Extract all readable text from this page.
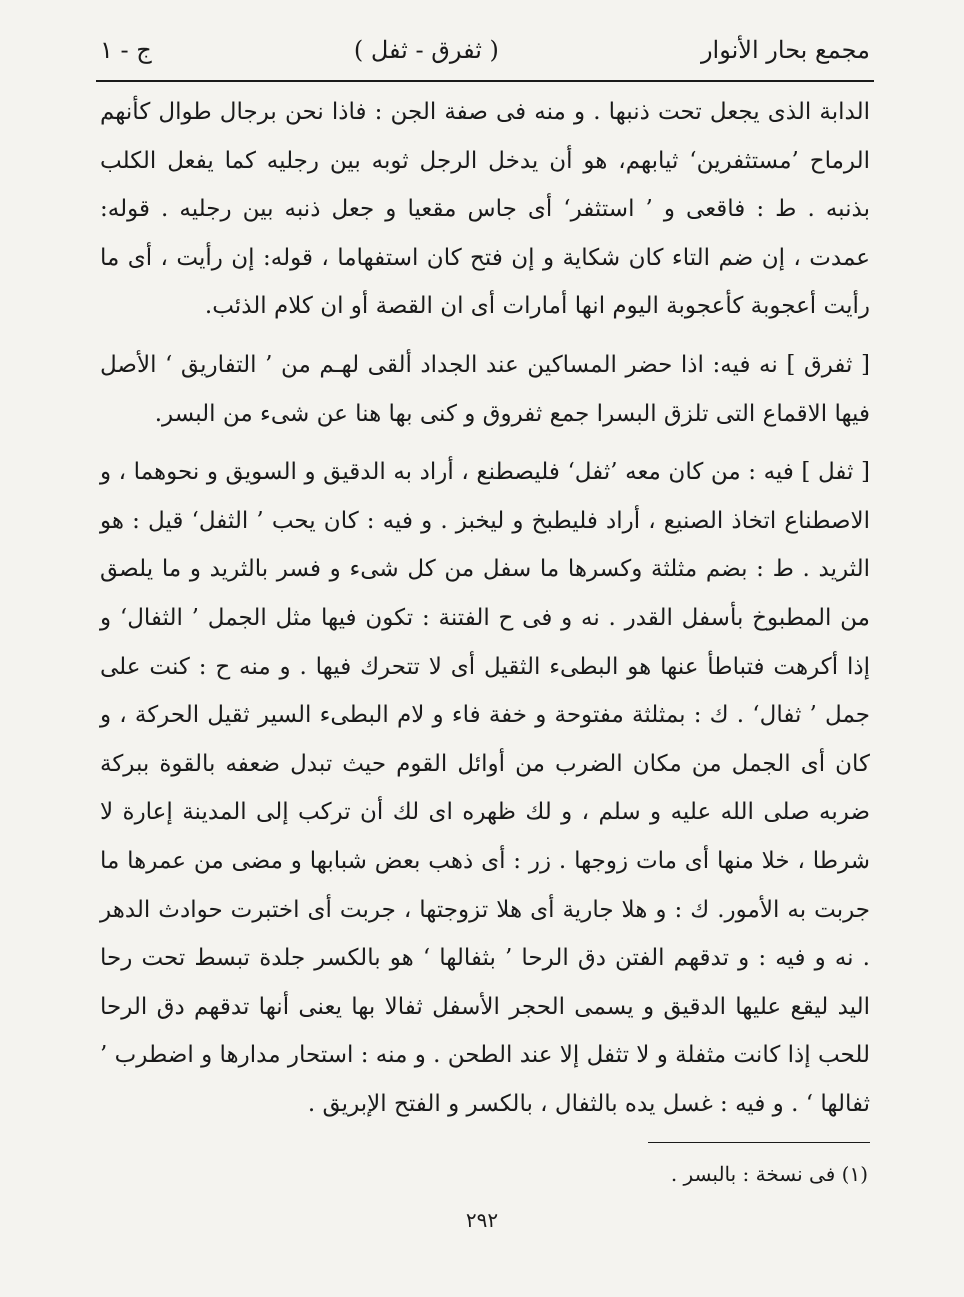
مجمع بحار الأنوار
( ثفرق - ثفل )
ج - ١

الدابة الذى يجعل تحت ذنبها . و منه فى صفة الجن : فاذا نحن برجال طوال كأنهم الرماح ’مستثفرين‘ ثيابهم، هو أن يدخل الرجل ثوبه بين رجليه كما يفعل الكلب بذنبه . ط : فاقعى و ’ استثفر‘ أى جاس مقعيا و جعل ذنبه بين رجليه . قوله: عمدت ، إن ضم التاء كان شكاية و إن فتح كان استفهاما ، قوله: إن رأيت ، أى ما رأيت أعجوبة كأعجوبة اليوم انها أمارات أى ان القصة أو ان كلام الذئب.

[ ثفرق ] نه فيه: اذا حضر المساكين عند الجداد ألقى لهـم من ’ التفاريق ‘ الأصل فيها الاقماع التى تلزق البسرا جمع ثفروق و كنى بها هنا عن شىء من البسر.

[ ثفل ] فيه : من كان معه ’ثفل‘ فليصطنع ، أراد به الدقيق و السويق و نحوهما ، و الاصطناع اتخاذ الصنيع ، أراد فليطبخ و ليخبز . و فيه : كان يحب ’ الثفل‘ قيل : هو الثريد . ط : بضم مثلثة وكسرها ما سفل من كل شىء و فسر بالثريد و ما يلصق من المطبوخ بأسفل القدر . نه و فى ح الفتنة : تكون فيها مثل الجمل ’ الثفال‘ و إذا أكرهت فتباطأ عنها هو البطىء الثقيل أى لا تتحرك فيها . و منه ح : كنت على جمل ’ ثفال‘ . ك : بمثلثة مفتوحة و خفة فاء و لام البطىء السير ثقيل الحركة ، و كان أى الجمل من مكان الضرب من أوائل القوم حيث تبدل ضعفه بالقوة ببركة ضربه صلى الله عليه و سلم ، و لك ظهره اى لك أن تركب إلى المدينة إعارة لا شرطا ، خلا منها أى مات زوجها . زر : أى ذهب بعض شبابها و مضى من عمرها ما جربت به الأمور. ك : و هلا جارية أى هلا تزوجتها ، جربت أى اختبرت حوادث الدهر . نه و فيه : و تدقهم الفتن دق الرحا ’ بثفالها ‘ هو بالكسر جلدة تبسط تحت رحا اليد ليقع عليها الدقيق و يسمى الحجر الأسفل ثفالا بها يعنى أنها تدقهم دق الرحا للحب إذا كانت مثفلة و لا تثفل إلا عند الطحن . و منه : استحار مدارها و اضطرب ’ ثفالها ‘ . و فيه : غسل يده بالثفال ، بالكسر و الفتح الإبريق .

(١) فى نسخة : بالبسر .
٢٩٢
